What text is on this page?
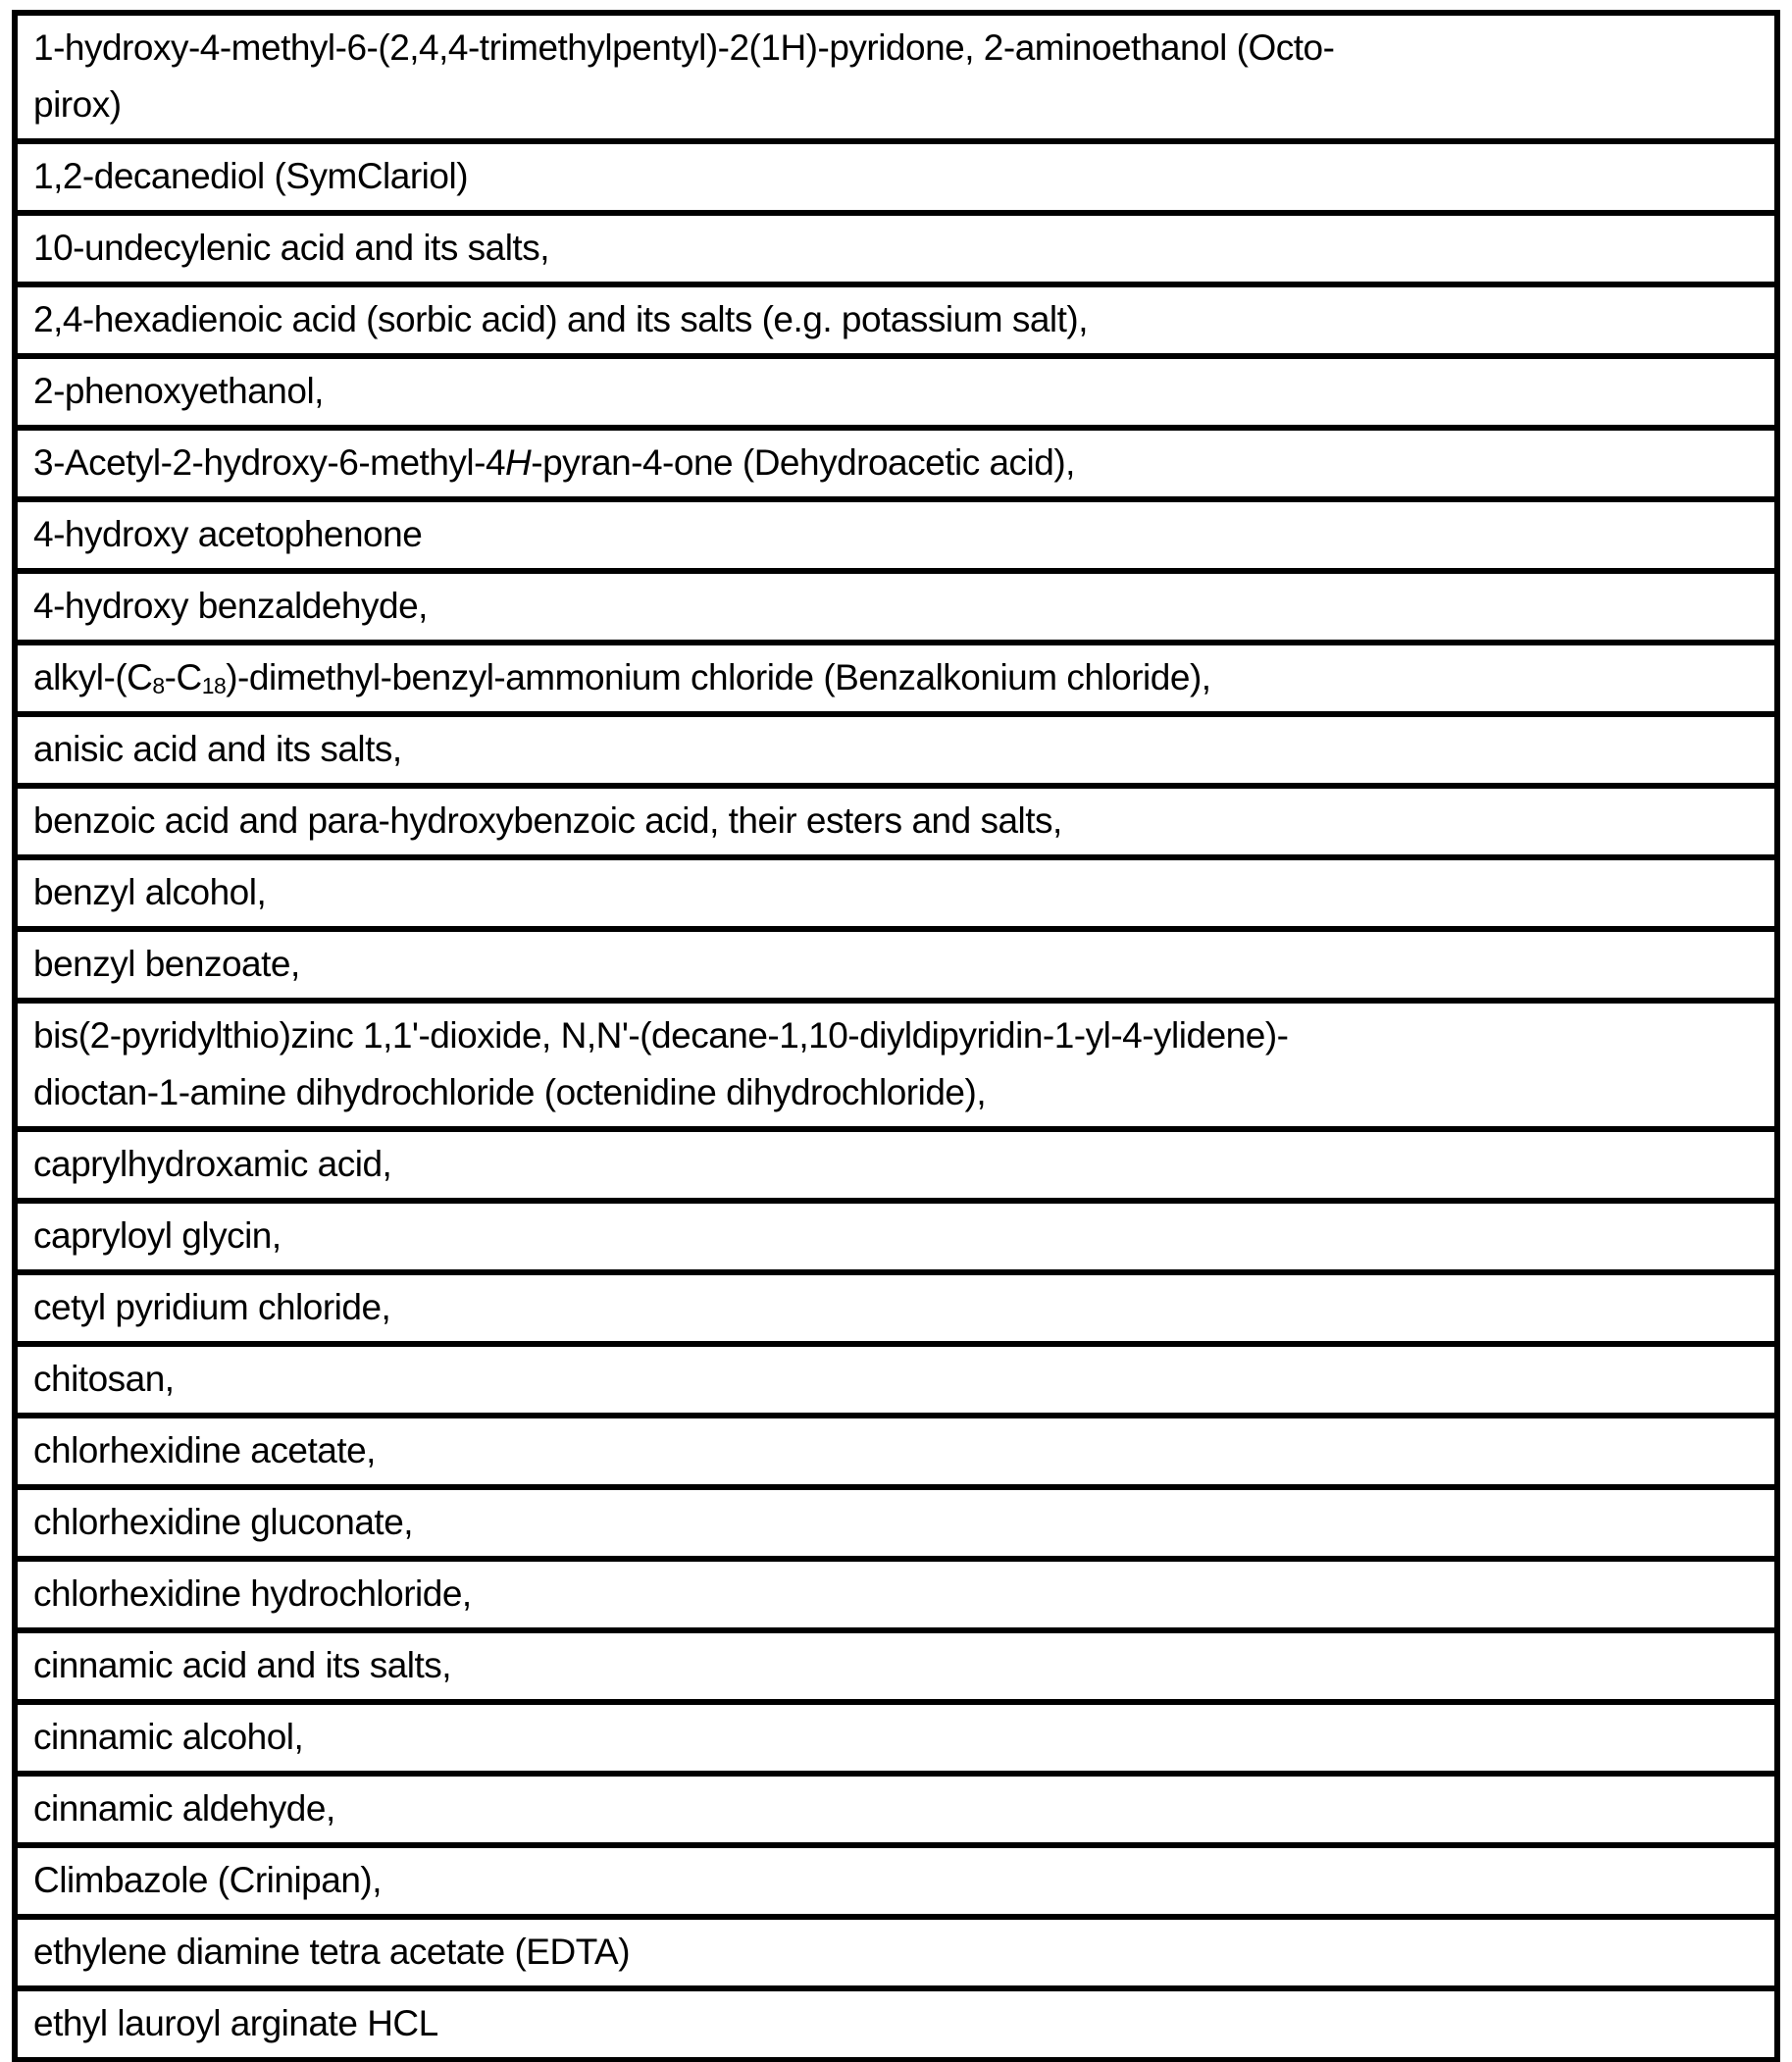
1-hydroxy-4-methyl-6-(2,4,4-trimethylpentyl)-2(1H)-pyridone, 2-aminoethanol (Octo-
pirox)
1,2-decanediol (SymClariol)
10-undecylenic acid and its salts,
2,4-hexadienoic acid (sorbic acid) and its salts (e.g. potassium salt),
2-phenoxyethanol,
3-Acetyl-2-hydroxy-6-methyl-4H-pyran-4-one (Dehydroacetic acid),
4-hydroxy acetophenone
4-hydroxy benzaldehyde,
alkyl-$(C_8-C_{18})-dimethyl-benzyl$-ammonium chloride (Benzalkonium chloride),
anisic acid and its salts,
benzoic acid and para-hydroxybenzoic acid, their esters and salts,
benzyl alcohol,
benzyl benzoate,
bis(2-pyridylthio)zinc 1,1'-dioxide, N,N'-(decane-1,10-diyldipyridin-1-yl-4-ylidene)-
dioctan-1-amine dihydrochloride (octenidine dihydrochloride),
caprylhydroxamic acid,
capryloyl glycin,
cetyl pyridium chloride,
chitosan,
chlorhexidine acetate,
chlorhexidine gluconate,
chlorhexidine hydrochloride,
cinnamic acid and its salts,
cinnamic alcohol,
cinnamic aldehyde,
Climbazole (Crinipan),
ethylene diamine tetra acetate (EDTA)
ethyl lauroyl arginate HCL
